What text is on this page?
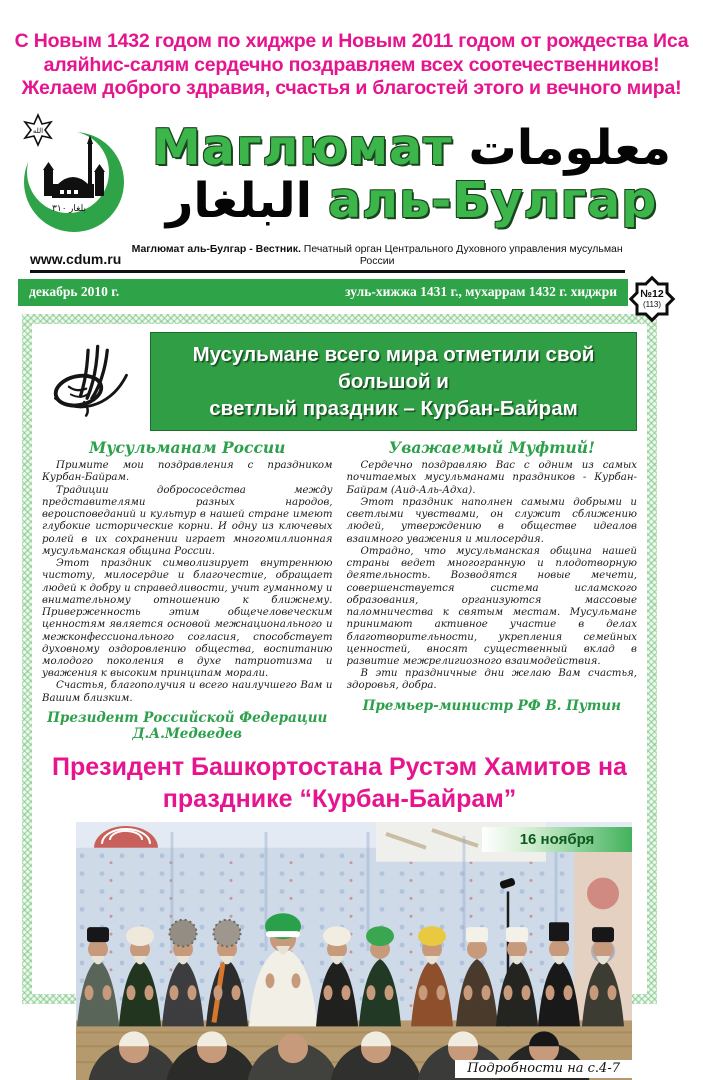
С Новым 1432 годом по хиджре и Новым 2011 годом от рождества Иса
аляйhис-салям сердечно поздравляем всех соотечественников!
Желаем доброго здравия, счастья и благостей этого и вечного мира!
بلغار ٣١٠
الله Маглюмат معلومات
البلغار аль-Булгар
www.cdum.ru
Маглюмат аль-Булгар - Вестник. Печатный орган Центрального Духовного управления мусульман России
декабрь 2010 г.	зуль-хижжа 1431 г., мухаррам 1432 г. хиджри №12
(113)
Мусульмане всего мира отметили свой большой и
светлый праздник – Курбан-Байрам
Мусульманам России

Примите мои поздравления с праздником Курбан-Байрам.

Традиции добрососедства между представителями разных народов, вероисповеданий и культур в нашей стране имеют глубокие исторические корни. И одну из ключевых ролей в их сохранении играет многомиллионная мусульманская община России.

Этот праздник символизирует внутреннюю чистоту, милосердие и благочестие, обращает людей к добру и справедливости, учит гуманному и внимательному отношению к ближнему. Приверженность этим общечеловеческим ценностям является основой межнационального и межконфессионального согласия, способствует духовному оздоровлению общества, воспитанию молодого поколения в духе патриотизма и уважения к высоким принципам морали.

Счастья, благополучия и всего наилучшего Вам и Вашим близким.

Президент Российской Федерации Д.А.Медведев
Уважаемый Муфтий!

Сердечно поздравляю Вас с одним из самых почитаемых мусульманами праздников - Курбан-Байрам (Аид-Аль-Адха).

Этот праздник наполнен самыми добрыми и светлыми чувствами, он служит сближению людей, утверждению в обществе идеалов взаимного уважения и милосердия.

Отрадно, что мусульманская община нашей страны ведет многогранную и плодотворную деятельность. Возводятся новые мечети, совершенствуется система исламского образования, организуются массовые паломничества к святым местам. Мусульмане принимают активное участие в делах благотворительности, укрепления семейных ценностей, вносят существенный вклад в развитие межрелигиозного взаимодействия.

В эти праздничные дни желаю Вам счастья, здоровья, добра.

Премьер-министр РФ В. Путин
Президент Башкортостана Рустэм Хамитов на
празднике “Курбан-Байрам”
16 ноября
Подробности на с.4-7
